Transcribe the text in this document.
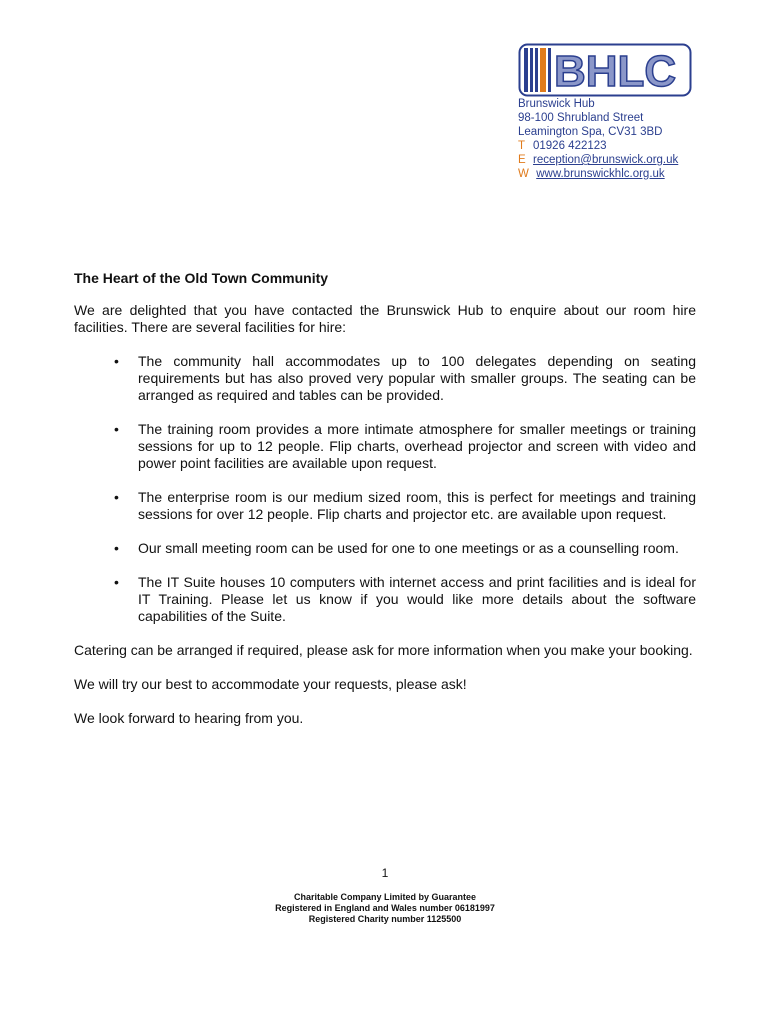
BHLC
Brunswick Hub
98-100 Shrubland Street
Leamington Spa, CV31 3BD
T 01926 422123
E reception@brunswick.org.uk
W www.brunswickhlc.org.uk
The Heart of the Old Town Community

We are delighted that you have contacted the Brunswick Hub to enquire about our room hire facilities. There are several facilities for hire:

• The community hall accommodates up to 100 delegates depending on seating requirements but has also proved very popular with smaller groups. The seating can be arranged as required and tables can be provided.
• The training room provides a more intimate atmosphere for smaller meetings or training sessions for up to 12 people. Flip charts, overhead projector and screen with video and power point facilities are available upon request.
• The enterprise room is our medium sized room, this is perfect for meetings and training sessions for over 12 people. Flip charts and projector etc. are available upon request.
• Our small meeting room can be used for one to one meetings or as a counselling room.
• The IT Suite houses 10 computers with internet access and print facilities and is ideal for IT Training. Please let us know if you would like more details about the software capabilities of the Suite.

Catering can be arranged if required, please ask for more information when you make your booking.

We will try our best to accommodate your requests, please ask!

We look forward to hearing from you.

1
Charitable Company Limited by Guarantee
Registered in England and Wales number 06181997
Registered Charity number 1125500
